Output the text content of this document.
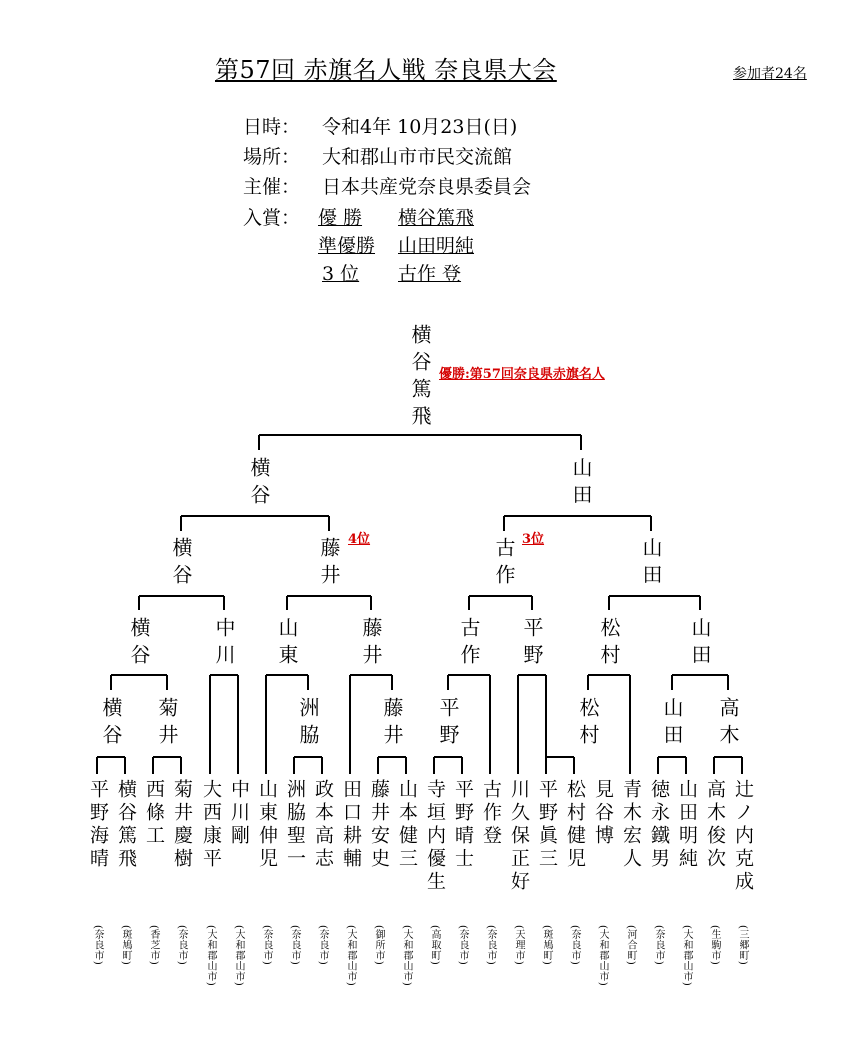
第57回 赤旗名人戦 奈良県大会	参加者24名
日時： 令和4年 10月23日(日)
場所： 大和郡山市市民交流館
主催： 日本共産党奈良県委員会
入賞： 優 勝 横谷篤飛
準優勝 山田明純
3 位 古作 登
横谷 菊井	洲脇	藤井 平野	松村	山田 高木
横谷	中川 山東	藤井	古作 平野	松村	山田
横谷	藤井	古作	山田
横谷	山田
横谷篤飛
平野海晴
(奈良市)
横谷篤飛
(斑鳩町)
西條工
(香芝市)
菊井慶樹
(奈良市)
大西康平
(大和郡山市)
中川剛
(大和郡山市)
山東伸児
(奈良市)
洲脇聖一
(奈良市)
政本高志
(奈良市)
田口耕輔
(大和郡山市)
藤井安史
(御所市)
山本健三
(大和郡山市)
寺垣内優生
(高取町)
平野晴士
(奈良市)
古作登
(奈良市)
川久保正好
(天理市)
平野眞三
(斑鳩町)
松村健児
(奈良市)
見谷博
(大和郡山市)
青木宏人
(河合町)
徳永鐵男
(奈良市)
山田明純
(大和郡山市)
高木俊次
(生駒市)
辻ノ内克成
(三郷町)
優勝:第57回奈良県赤旗名人
4位	3位
